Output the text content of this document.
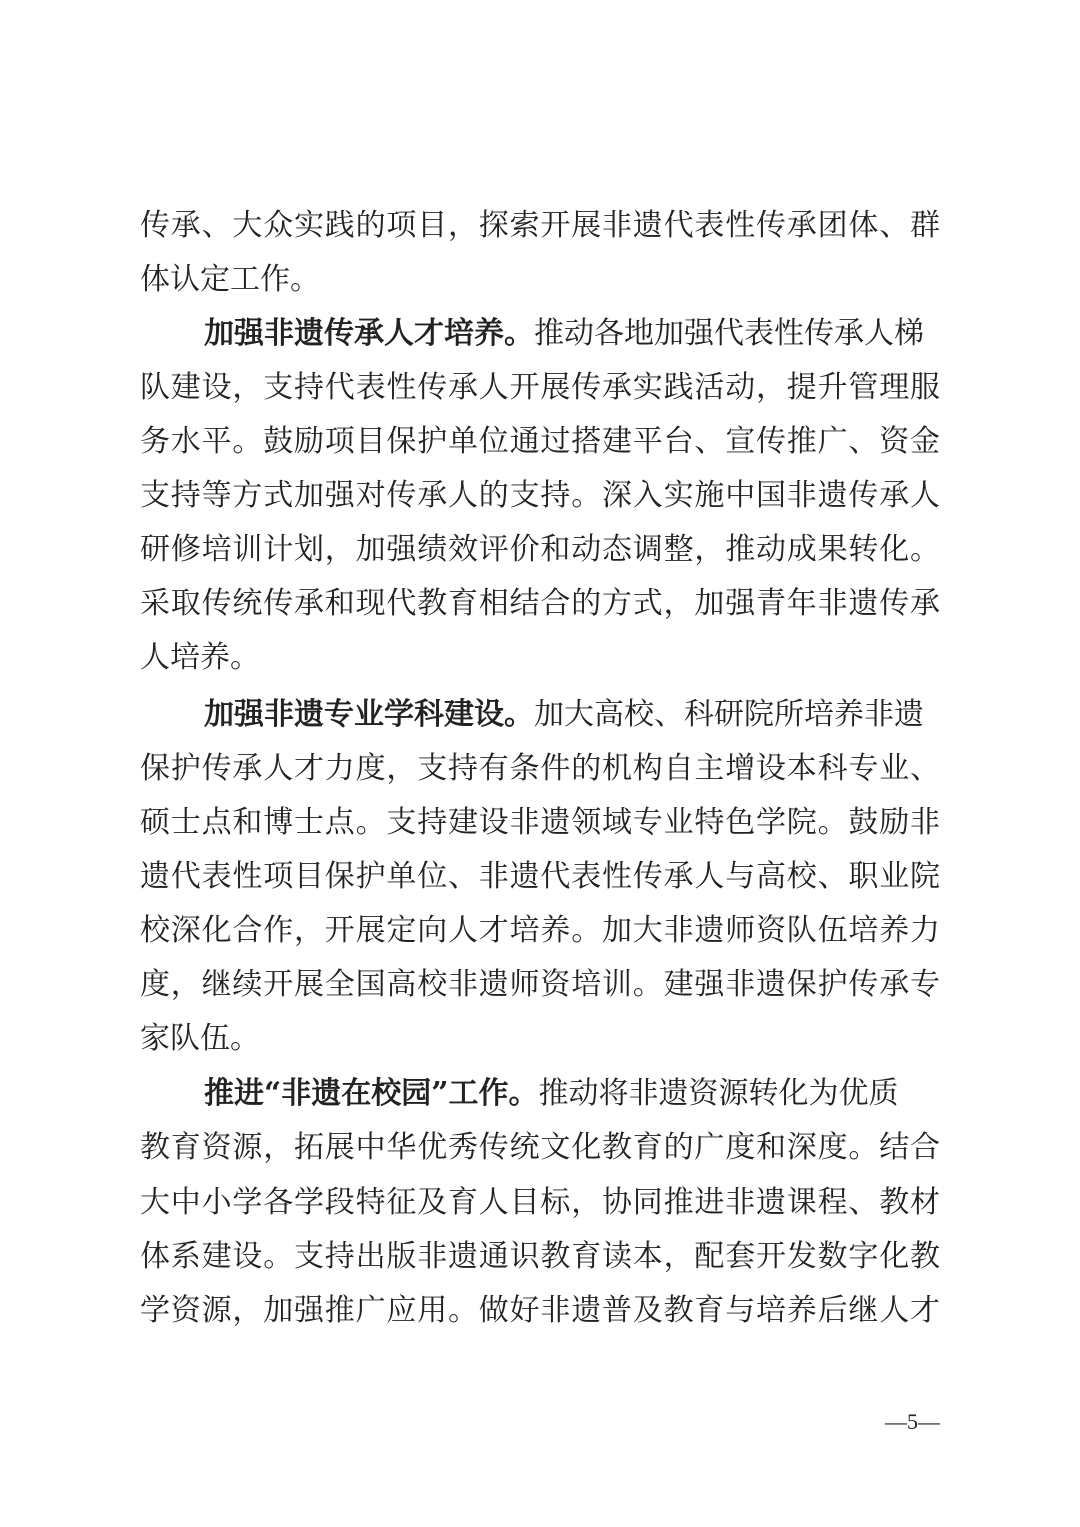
传承、大众实践的项目，探索开展非遗代表性传承团体、群
体认定工作。
加强非遗传承人才培养。推动各地加强代表性传承人梯
队建设，支持代表性传承人开展传承实践活动，提升管理服
务水平。鼓励项目保护单位通过搭建平台、宣传推广、资金
支持等方式加强对传承人的支持。深入实施中国非遗传承人
研修培训计划，加强绩效评价和动态调整，推动成果转化。
采取传统传承和现代教育相结合的方式，加强青年非遗传承
人培养。
加强非遗专业学科建设。加大高校、科研院所培养非遗
保护传承人才力度，支持有条件的机构自主增设本科专业、
硕士点和博士点。支持建设非遗领域专业特色学院。鼓励非
遗代表性项目保护单位、非遗代表性传承人与高校、职业院
校深化合作，开展定向人才培养。加大非遗师资队伍培养力
度，继续开展全国高校非遗师资培训。建强非遗保护传承专
家队伍。
推进“非遗在校园”工作。推动将非遗资源转化为优质
教育资源，拓展中华优秀传统文化教育的广度和深度。结合
大中小学各学段特征及育人目标，协同推进非遗课程、教材
体系建设。支持出版非遗通识教育读本，配套开发数字化教
学资源，加强推广应用。做好非遗普及教育与培养后继人才
—5—
